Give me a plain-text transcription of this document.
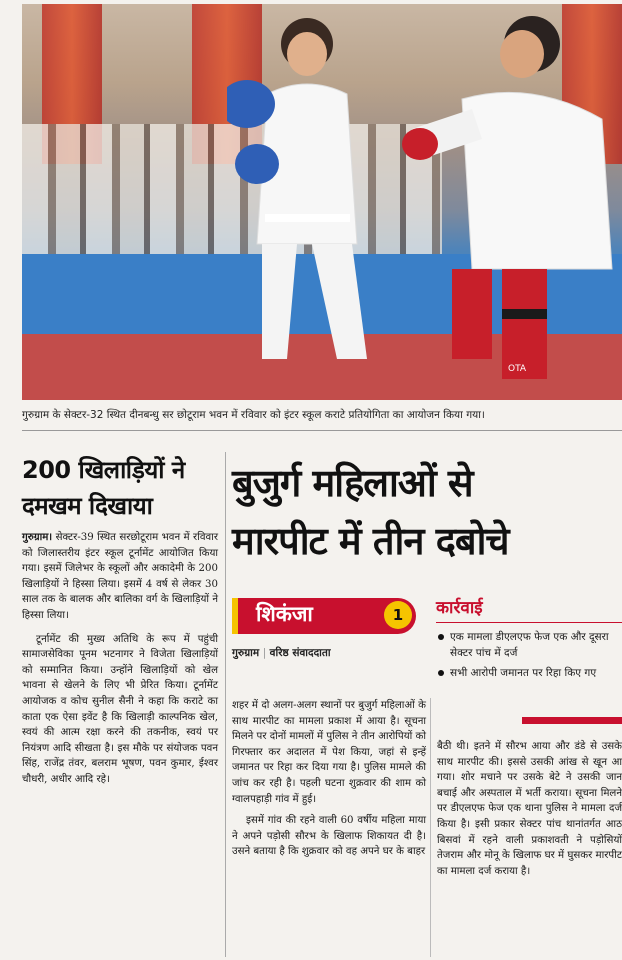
OTA
गुरुग्राम के सेक्टर-32 स्थित दीनबन्धु सर छोटूराम भवन में रविवार को इंटर स्कूल कराटे प्रतियोगिता का आयोजन किया गया।
200 खिलाड़ियों ने
दमखम दिखाया

गुरुग्राम। सेक्टर-39 स्थित सरछोटूराम भवन में रविवार को जिलास्तरीय इंटर स्कूल टूर्नामेंट आयोजित किया गया। इसमें जिलेभर के स्कूलों और अकादेमी के 200 खिलाड़ियों ने हिस्सा लिया। इसमें 4 वर्ष से लेकर 30 साल तक के बालक और बालिका वर्ग के खिलाड़ियों ने हिस्सा लिया।

टूर्नामेंट की मुख्य अतिथि के रूप में पहुंची सामाजसेविका पूनम भटनागर ने विजेता खिलाड़ियों को सम्मानित किया। उन्होंने खिलाड़ियों को खेल भावना से खेलने के लिए भी प्रेरित किया। टूर्नामेंट आयोजक व कोच सुनील सैनी ने कहा कि कराटे का काता एक ऐसा इवेंट है कि खिलाड़ी काल्पनिक खेल, स्वयं की आत्म रक्षा करने की तकनीक, स्वयं पर नियंत्रण आदि सीखता है। इस मौके पर संयोजक पवन सिंह, राजेंद्र तंवर, बलराम भूषण, पवन कुमार, ईश्वर चौधरी, अधीर आदि रहे।

बुजुर्ग महिलाओं से
मारपीट में तीन दबोचे
शिकंजा	1
गुरुग्राम | वरिष्ठ संवाददाता
कार्रवाई
एक मामला डीएलएफ फेज एक और दूसरा सेक्टर पांच में दर्ज
सभी आरोपी जमानत पर रिहा किए गए

शहर में दो अलग-अलग स्थानों पर बुजुर्ग महिलाओं के साथ मारपीट का मामला प्रकाश में आया है। सूचना मिलने पर दोनों मामलों में पुलिस ने तीन आरोपियों को गिरफ्तार कर अदालत में पेश किया, जहां से इन्हें जमानत पर रिहा कर दिया गया है। पुलिस मामले की जांच कर रही है। पहली घटना शुक्रवार की शाम को ग्वालपहाड़ी गांव में हुई।

इसमें गांव की रहने वाली 60 वर्षीय महिला माया ने अपने पड़ोसी सौरभ के खिलाफ शिकायत दी है। उसने बताया है कि शुक्रवार को वह अपने घर के बाहर

बैठी थी। इतने में सौरभ आया और डंडे से उसके साथ मारपीट की। इससे उसकी आंख से खून आ गया। शोर मचाने पर उसके बेटे ने उसकी जान बचाई और अस्पताल में भर्ती कराया। सूचना मिलने पर डीएलएफ फेज एक थाना पुलिस ने मामला दर्ज किया है। इसी प्रकार सेक्टर पांच थानांतर्गत आठ बिसवां में रहने वाली प्रकाशवती ने पड़ोसियों तेजराम और मोनू के खिलाफ घर में घुसकर मारपीट का मामला दर्ज कराया है।
